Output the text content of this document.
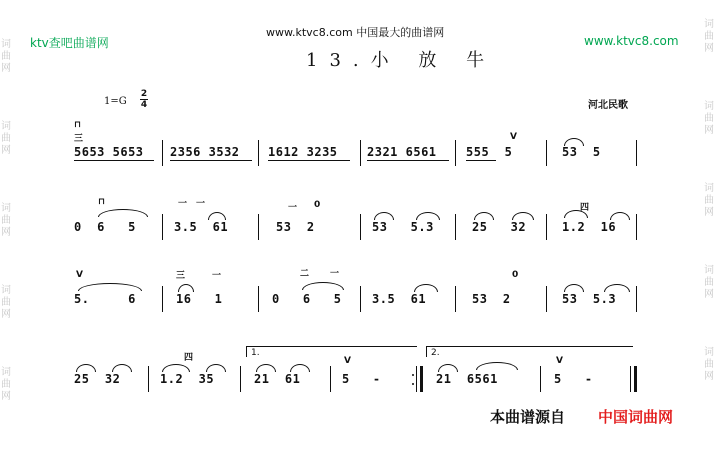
词
曲
网
词
曲
网
词
曲
网
词
曲
网
词
曲
网
词
曲
网
词
曲
网
词
曲
网
词
曲
网
词
曲
网
ktv查吧曲谱网
www.ktvc8.com 中国最大的曲谱网
www.ktvc8.com
13.小 放 牛
1=G
2
4	河北民歌
⊓
三
5653 5653 2356 3532 1612 3235 2321 6561
V
555  5	53  5
⊓
0  6   5
一 一
3.5  61
一 0
53  2	53   5.3	25   32
四
1.2  16
V
5.     6
三	一
16   1
二 一
0   6   5	3.5  61
0
53  2	53  5.3
25  32
四
1.2  35
1.
21  61
V
5   -
2.
21  6561
V
5   -
本曲谱源自 中国词曲网
